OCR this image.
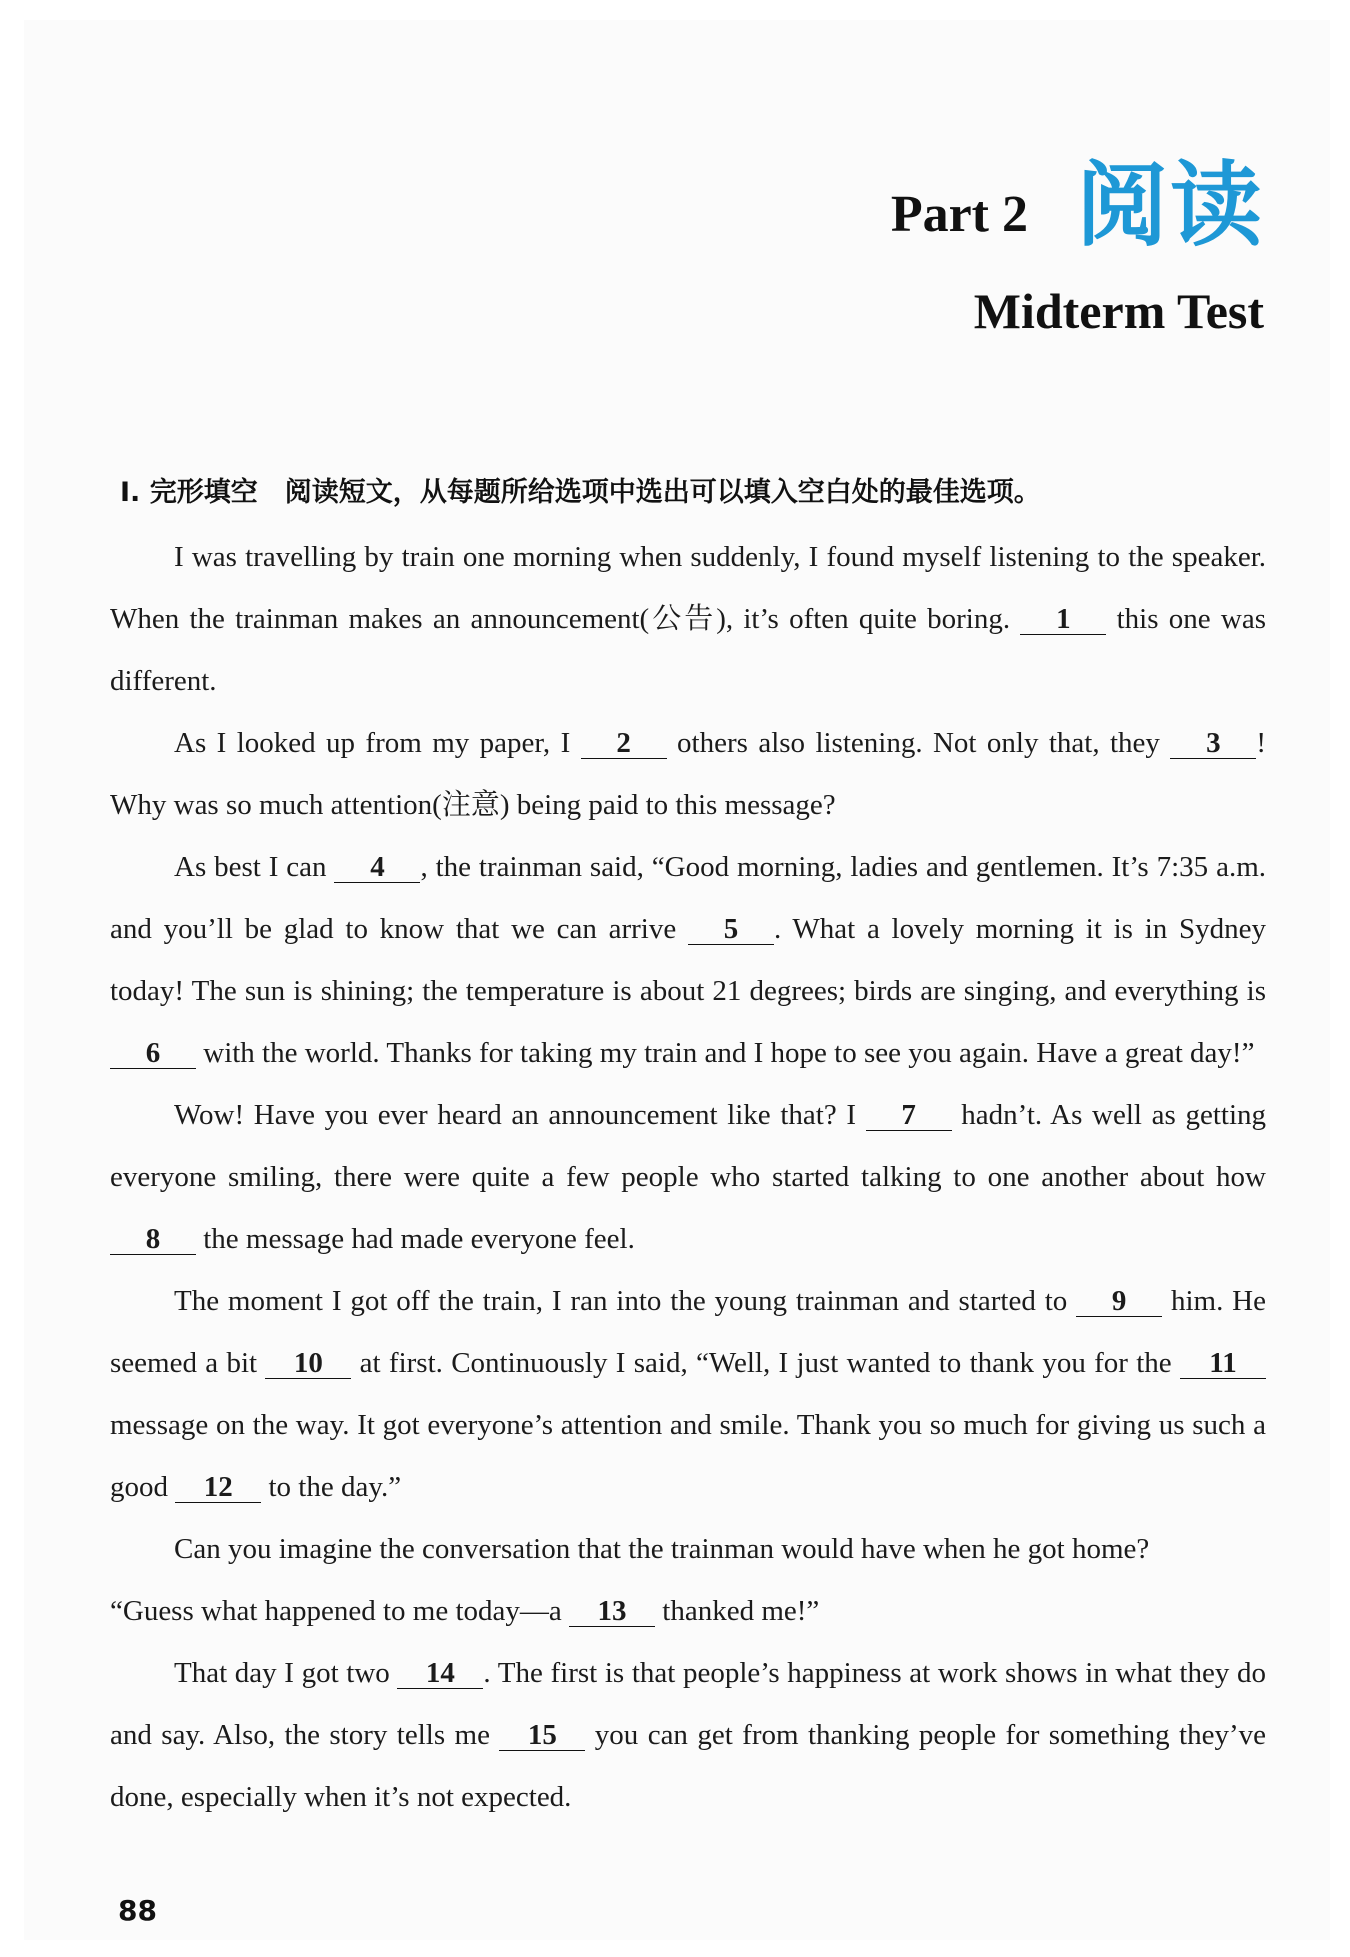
Part 2 阅读
Midterm Test
I. 完形填空　阅读短文，从每题所给选项中选出可以填入空白处的最佳选项。

I was travelling by train one morning when suddenly, I found myself listening to the speaker. When the trainman makes an announcement(公告), it’s often quite boring. 1 this one was different.

As I looked up from my paper, I 2 others also listening. Not only that, they 3 ! Why was so much attention(注意) being paid to this message?

As best I can 4 , the trainman said, “Good morning, ladies and gentlemen. It’s 7:35 a.m. and you’ll be glad to know that we can arrive 5 . What a lovely morning it is in Sydney today! The sun is shining; the temperature is about 21 degrees; birds are singing, and everything is 6 with the world. Thanks for taking my train and I hope to see you again. Have a great day!”

Wow! Have you ever heard an announcement like that? I 7 hadn’t. As well as getting everyone smiling, there were quite a few people who started talking to one another about how 8 the message had made everyone feel.

The moment I got off the train, I ran into the young trainman and started to 9 him. He seemed a bit 10 at first. Continuously I said, “Well, I just wanted to thank you for the 11 message on the way. It got everyone’s attention and smile. Thank you so much for giving us such a good 12 to the day.”

Can you imagine the conversation that the trainman would have when he got home?

“Guess what happened to me today—a 13 thanked me!”

That day I got two 14 . The first is that people’s happiness at work shows in what they do and say. Also, the story tells me 15 you can get from thanking people for something they’ve done, especially when it’s not expected.

88
